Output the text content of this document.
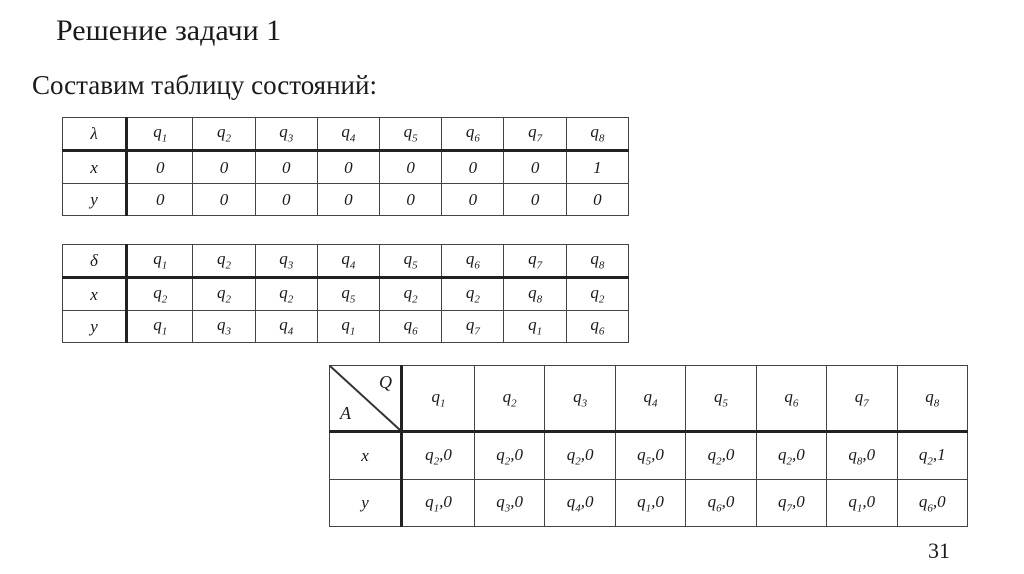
Решение задачи 1
Составим таблицу состояний:
λ	$q_1$	$q_2$	$q_3$	$q_4$	$q_5$	$q_6$	$q_7$	$q_8$
x	0	0	0	0	0	0	0	1
y	0	0	0	0	0	0	0	0
δ	$q_1$	$q_2$	$q_3$	$q_4$	$q_5$	$q_6$	$q_7$	$q_8$
x	$q_2$	$q_2$	$q_2$	$q_5$	$q_2$	$q_2$	$q_8$	$q_2$
y	$q_1$	$q_3$	$q_4$	$q_1$	$q_6$	$q_7$	$q_1$	$q_6$
Q
A	$q_1$	$q_2$	$q_3$	$q_4$	$q_5$	$q_6$	$q_7$	$q_8$
x	$q_2,0$	$q_2,0$	$q_2,0$	$q_5,0$	$q_2,0$	$q_2,0$	$q_8,0$	$q_2,1$
y	$q_1,0$	$q_3,0$	$q_4,0$	$q_1,0$	$q_6,0$	$q_7,0$	$q_1,0$	$q_6,0$
31
